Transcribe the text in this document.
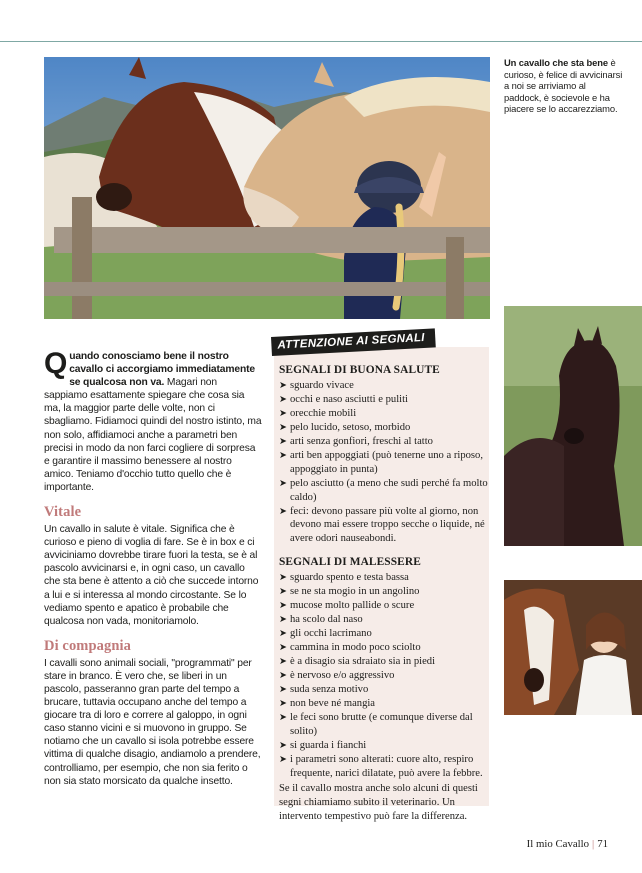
Un cavallo che sta bene è curioso, è felice di avvicinarsi a noi se arriviamo al paddock, è socievole e ha piacere se lo accarezziamo.

Quando conosciamo bene il nostro cavallo ci accorgiamo immediatamente se qualcosa non va. Magari non sappiamo esattamente spiegare che cosa sia ma, la maggior parte delle volte, non ci sbagliamo. Fidiamoci quindi del nostro istinto, ma non solo, affidiamoci anche a parametri ben precisi in modo da non farci cogliere di sorpresa e garantire il massimo benessere al nostro amico. Teniamo d'occhio tutto quello che è importante.

Vitale

Un cavallo in salute è vitale. Significa che è curioso e pieno di voglia di fare. Se è in box e ci avviciniamo dovrebbe tirare fuori la testa, se è al pascolo avvicinarsi e, in ogni caso, un cavallo che sta bene è attento a ciò che succede intorno a lui e si interessa al mondo circostante. Se lo vediamo spento e apatico è probabile che qualcosa non vada, monitoriamolo.

Di compagnia

I cavalli sono animali sociali, "programmati" per stare in branco. È vero che, se liberi in un pascolo, passeranno gran parte del tempo a brucare, tuttavia occupano anche del tempo a giocare tra di loro e correre al galoppo, in ogni caso stanno vicini e si muovono in gruppo. Se notiamo che un cavallo si isola potrebbe essere vittima di qualche disagio, andiamolo a prendere, controlliamo, per esempio, che non sia ferito o non sia stato morsicato da qualche insetto.

ATTENZIONE AI SEGNALI
SEGNALI DI BUONA SALUTE
➤ sguardo vivace
➤ occhi e naso asciutti e puliti
➤ orecchie mobili
➤ pelo lucido, setoso, morbido
➤ arti senza gonfiori, freschi al tatto
➤ arti ben appoggiati (può tenerne uno a riposo, appoggiato in punta)
➤ pelo asciutto (a meno che sudi perché fa molto caldo)
➤ feci: devono passare più volte al giorno, non devono mai essere troppo secche o liquide, né avere odori nauseabondi.
SEGNALI DI MALESSERE
➤ sguardo spento e testa bassa
➤ se ne sta mogio in un angolino
➤ mucose molto pallide o scure
➤ ha scolo dal naso
➤ gli occhi lacrimano
➤ cammina in modo poco sciolto
➤ è a disagio sia sdraiato sia in piedi
➤ è nervoso e/o aggressivo
➤ suda senza motivo
➤ non beve né mangia
➤ le feci sono brutte (e comunque diverse dal solito)
➤ si guarda i fianchi
➤ i parametri sono alterati: cuore alto, respiro frequente, narici dilatate, può avere la febbre.

Se il cavallo mostra anche solo alcuni di questi segni chiamiamo subito il veterinario. Un intervento tempestivo può fare la differenza.

Il mio Cavallo | 71
